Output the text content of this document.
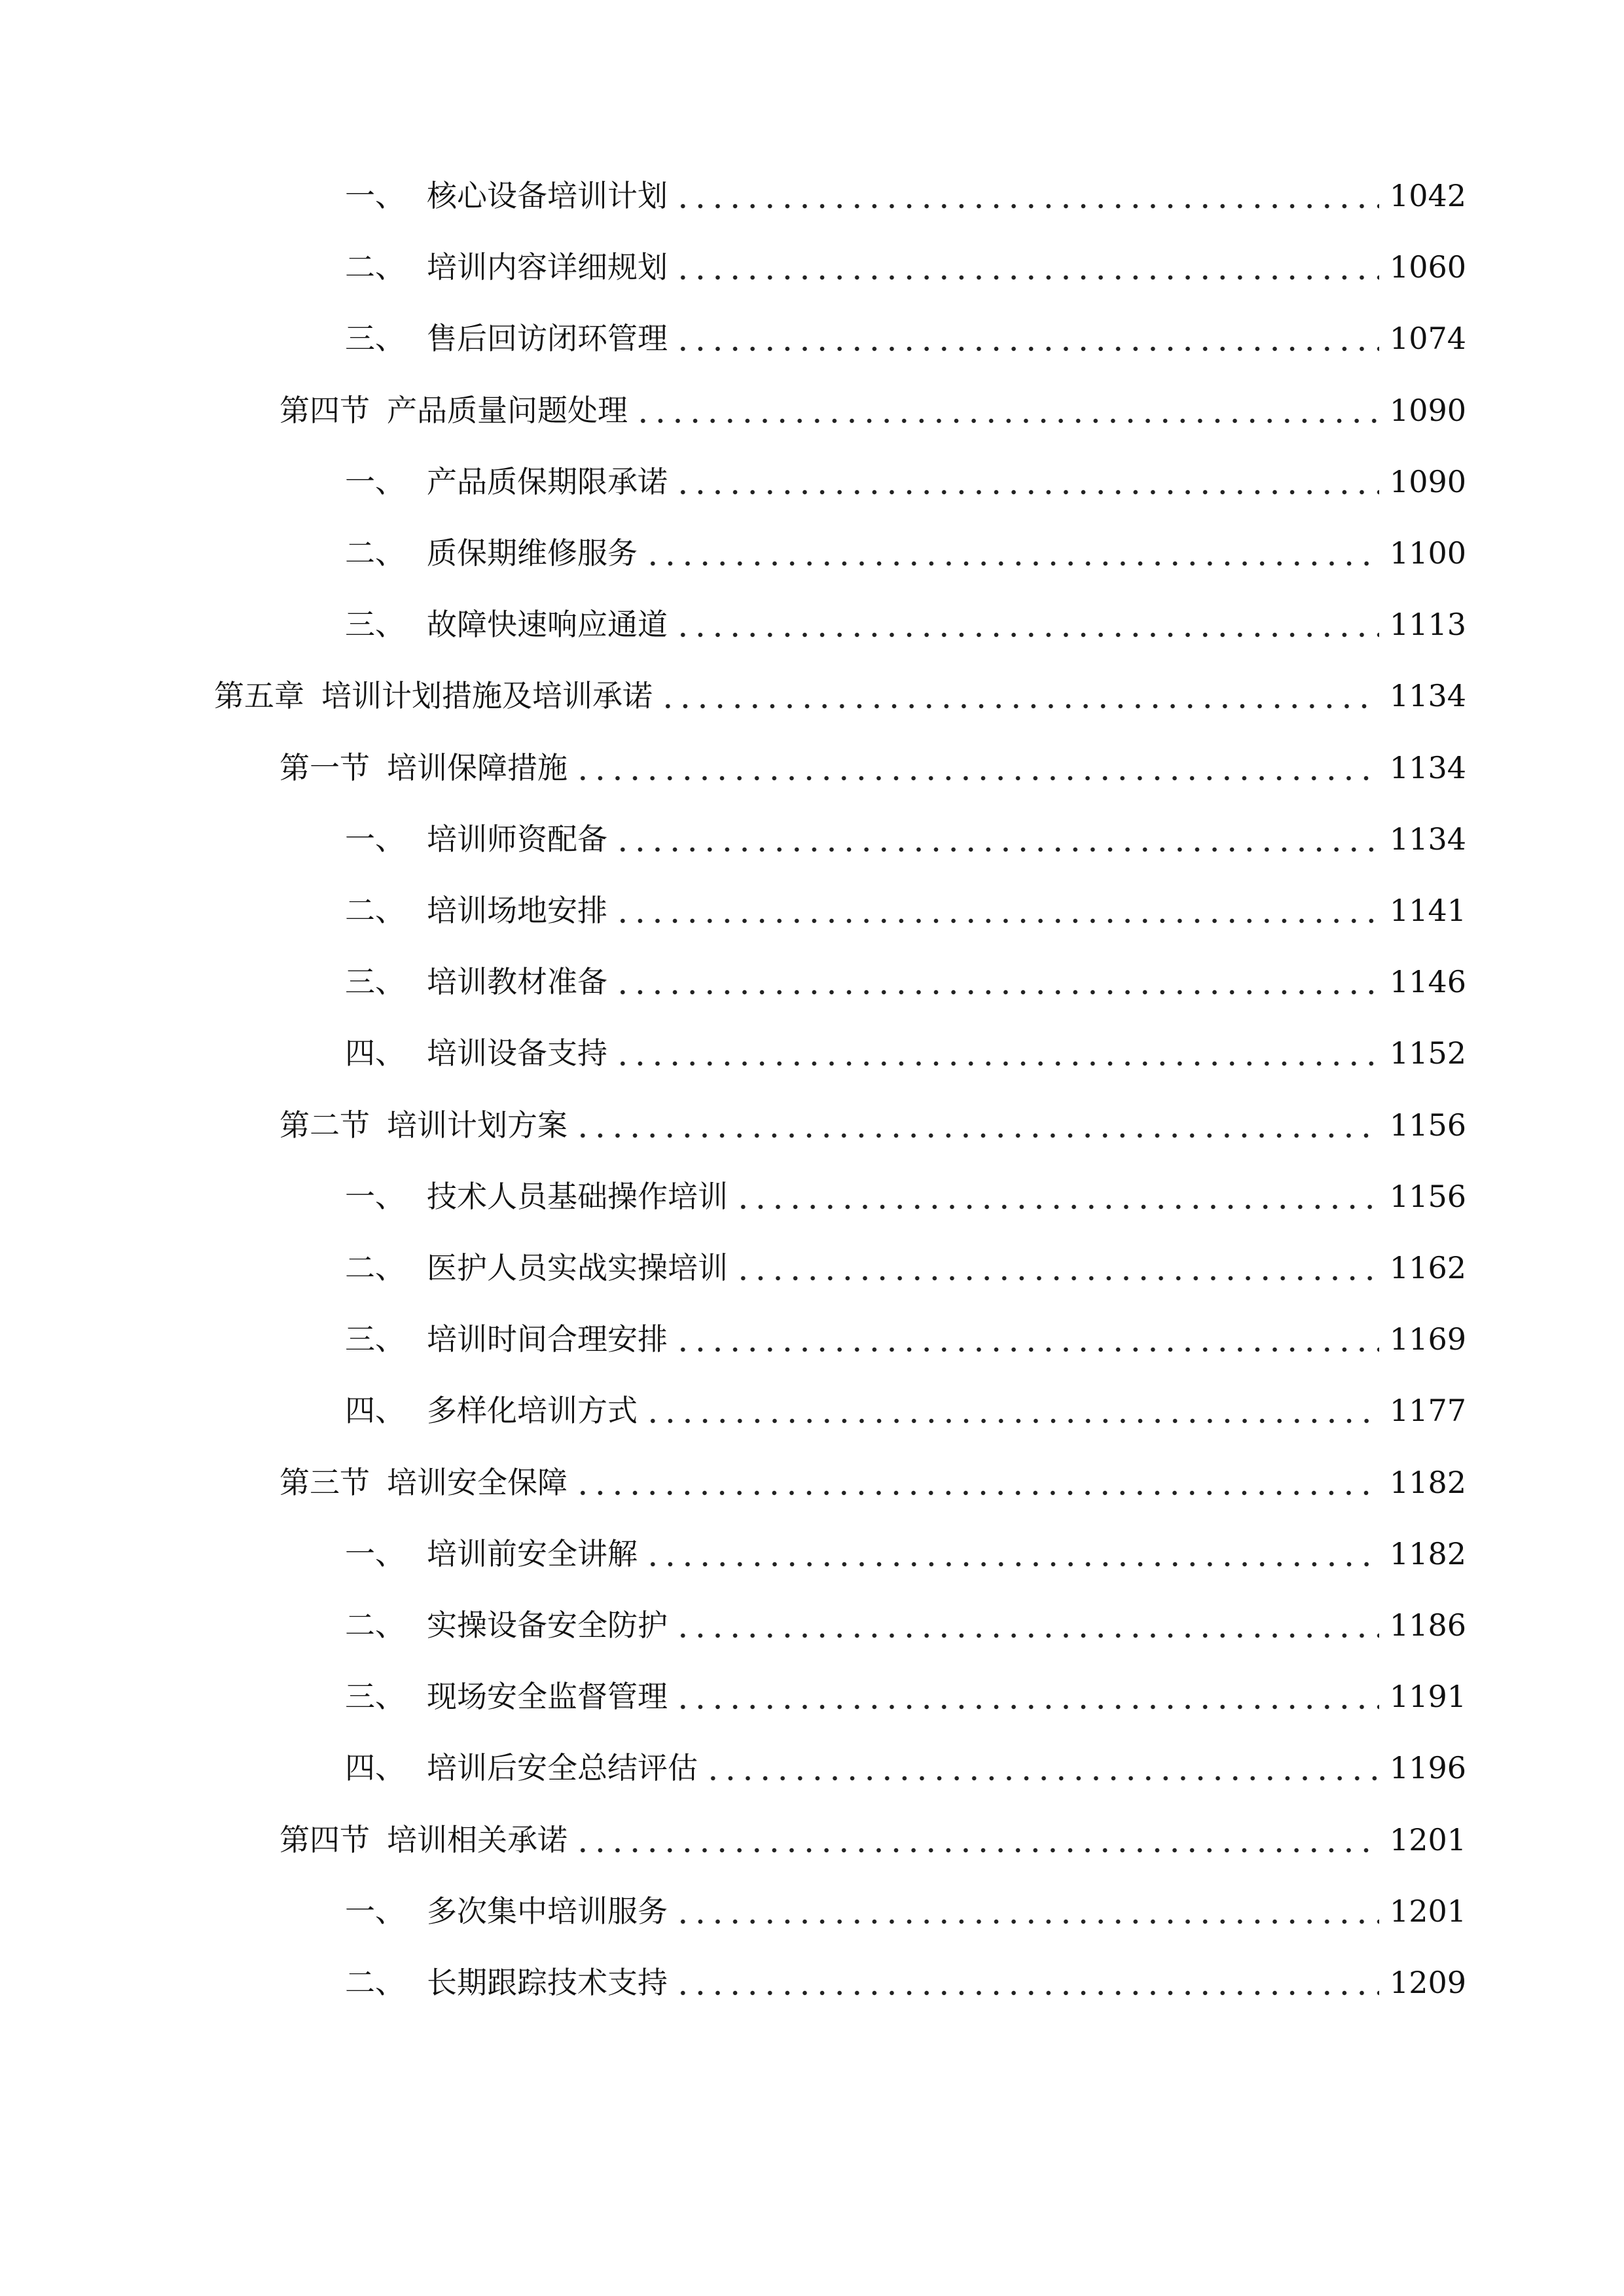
一、 核心设备培训计划	1042
二、 培训内容详细规划	1060
三、 售后回访闭环管理	1074
第四节 产品质量问题处理	1090
一、 产品质保期限承诺	1090
二、 质保期维修服务	1100
三、 故障快速响应通道	1113
第五章 培训计划措施及培训承诺	1134
第一节 培训保障措施	1134
一、 培训师资配备	1134
二、 培训场地安排	1141
三、 培训教材准备	1146
四、 培训设备支持	1152
第二节 培训计划方案	1156
一、 技术人员基础操作培训	1156
二、 医护人员实战实操培训	1162
三、 培训时间合理安排	1169
四、 多样化培训方式	1177
第三节 培训安全保障	1182
一、 培训前安全讲解	1182
二、 实操设备安全防护	1186
三、 现场安全监督管理	1191
四、 培训后安全总结评估	1196
第四节 培训相关承诺	1201
一、 多次集中培训服务	1201
二、 长期跟踪技术支持	1209
